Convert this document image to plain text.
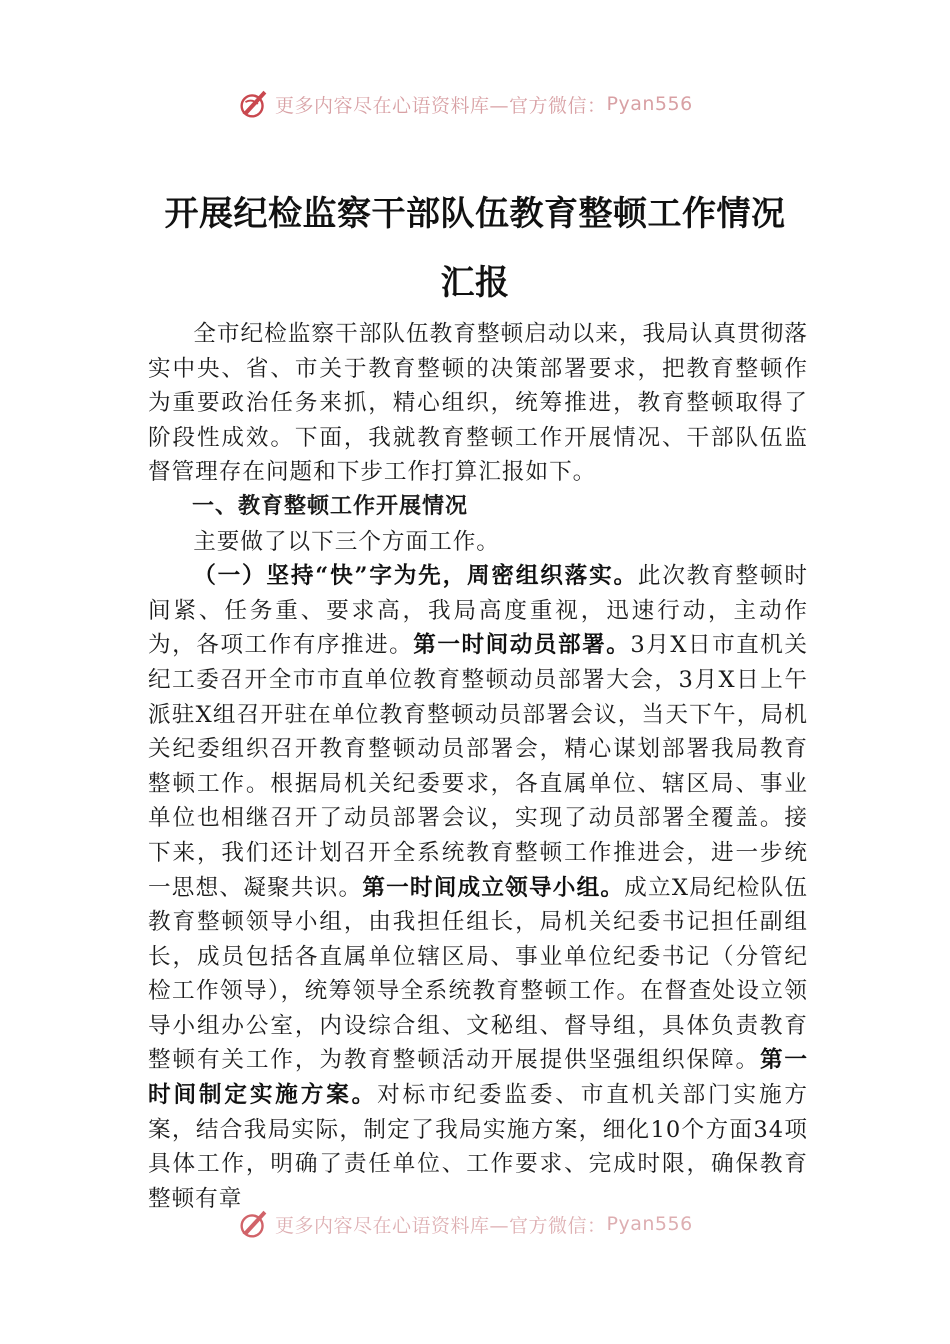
更多内容尽在心语资料库—官方微信： Pyan556
开展纪检监察干部队伍教育整顿工作情况
汇报

全市纪检监察干部队伍教育整顿启动以来，我局认真贯彻落实中央、省、市关于教育整顿的决策部署要求，把教育整顿作为重要政治任务来抓，精心组织，统筹推进，教育整顿取得了阶段性成效。下面，我就教育整顿工作开展情况、干部队伍监督管理存在问题和下步工作打算汇报如下。

一、教育整顿工作开展情况

主要做了以下三个方面工作。

（一）坚持“快”字为先，周密组织落实。此次教育整顿时间紧、任务重、要求高，我局高度重视，迅速行动，主动作为，各项工作有序推进。第一时间动员部署。3月X日市直机关纪工委召开全市市直单位教育整顿动员部署大会，3月X日上午派驻X组召开驻在单位教育整顿动员部署会议，当天下午，局机关纪委组织召开教育整顿动员部署会，精心谋划部署我局教育整顿工作。根据局机关纪委要求，各直属单位、辖区局、事业单位也相继召开了动员部署会议，实现了动员部署全覆盖。接下来，我们还计划召开全系统教育整顿工作推进会，进一步统一思想、凝聚共识。第一时间成立领导小组。成立X局纪检队伍教育整顿领导小组，由我担任组长，局机关纪委书记担任副组长，成员包括各直属单位辖区局、事业单位纪委书记（分管纪检工作领导），统筹领导全系统教育整顿工作。在督查处设立领导小组办公室，内设综合组、文秘组、督导组，具体负责教育整顿有关工作，为教育整顿活动开展提供坚强组织保障。第一时间制定实施方案。对标市纪委监委、市直机关部门实施方案，结合我局实际，制定了我局实施方案，细化10个方面34项具体工作，明确了责任单位、工作要求、完成时限，确保教育整顿有章

更多内容尽在心语资料库—官方微信： Pyan556
